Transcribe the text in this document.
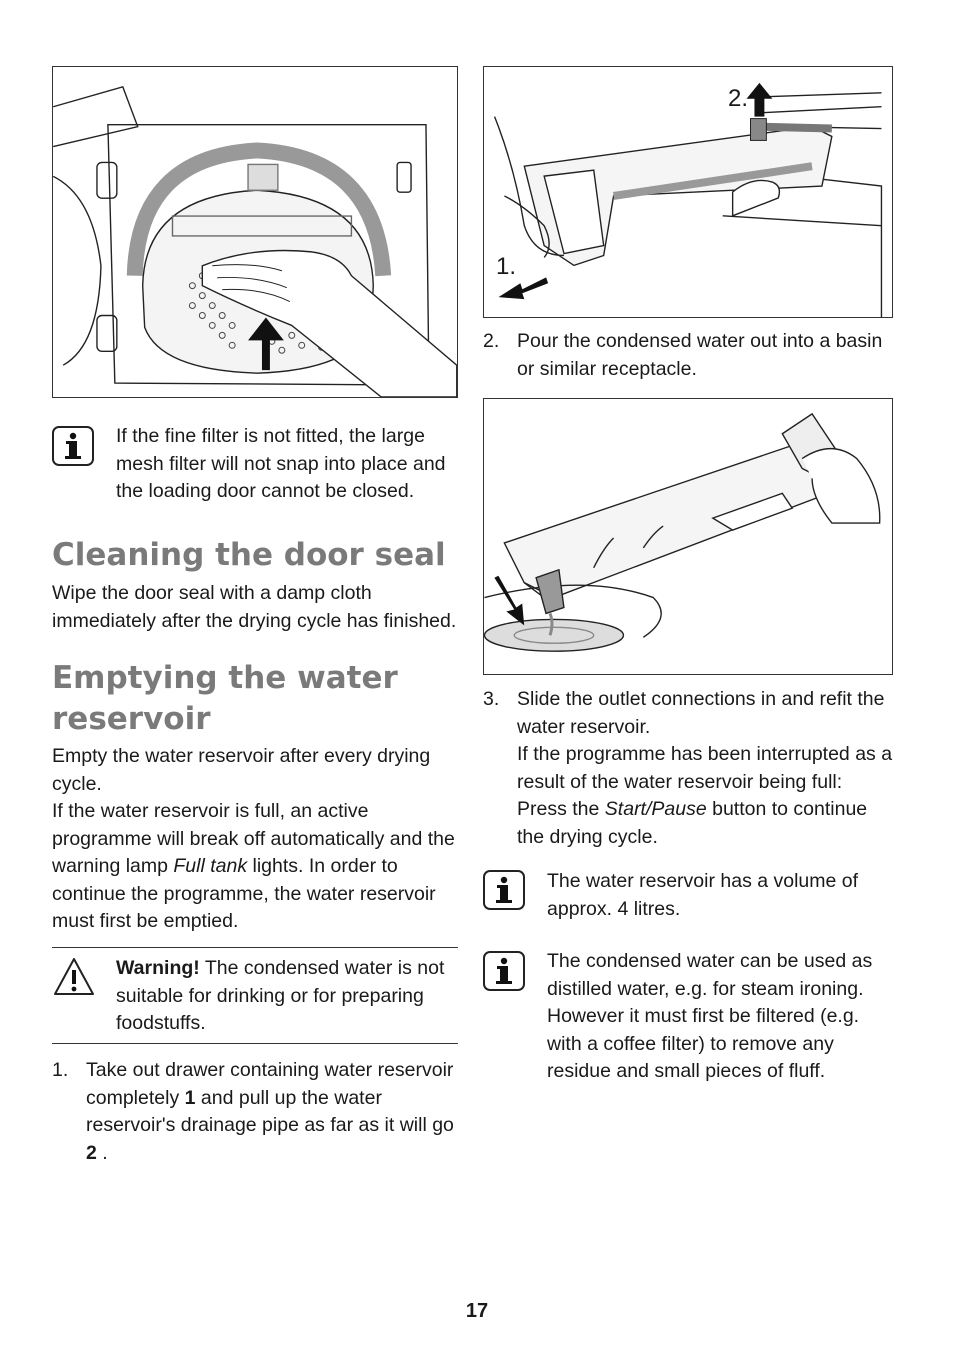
If the fine filter is not fitted, the large mesh filter will not snap into place and the loading door cannot be closed.
Cleaning the door seal
Wipe the door seal with a damp cloth immediately after the drying cycle has finished.
Emptying the water
reservoir
Empty the water reservoir after every drying cycle.
If the water reservoir is full, an active programme will break off automatically and the warning lamp Full tank lights. In order to continue the programme, the water reservoir must first be emptied.
Warning! The condensed water is not suitable for drinking or for preparing foodstuffs.
1. Take out drawer containing water reservoir completely 1 and pull up the water reservoir's drainage pipe as far as it will go 2 .
2.
1.
2. Pour the condensed water out into a basin or similar receptacle.
3. Slide the outlet connections in and refit the water reservoir.
If the programme has been interrupted as a result of the water reservoir being full: Press the Start/Pause button to continue the drying cycle.
The water reservoir has a volume of approx. 4 litres.
The condensed water can be used as distilled water, e.g. for steam ironing. However it must first be filtered (e.g. with a coffee filter) to remove any residue and small pieces of fluff.
17
